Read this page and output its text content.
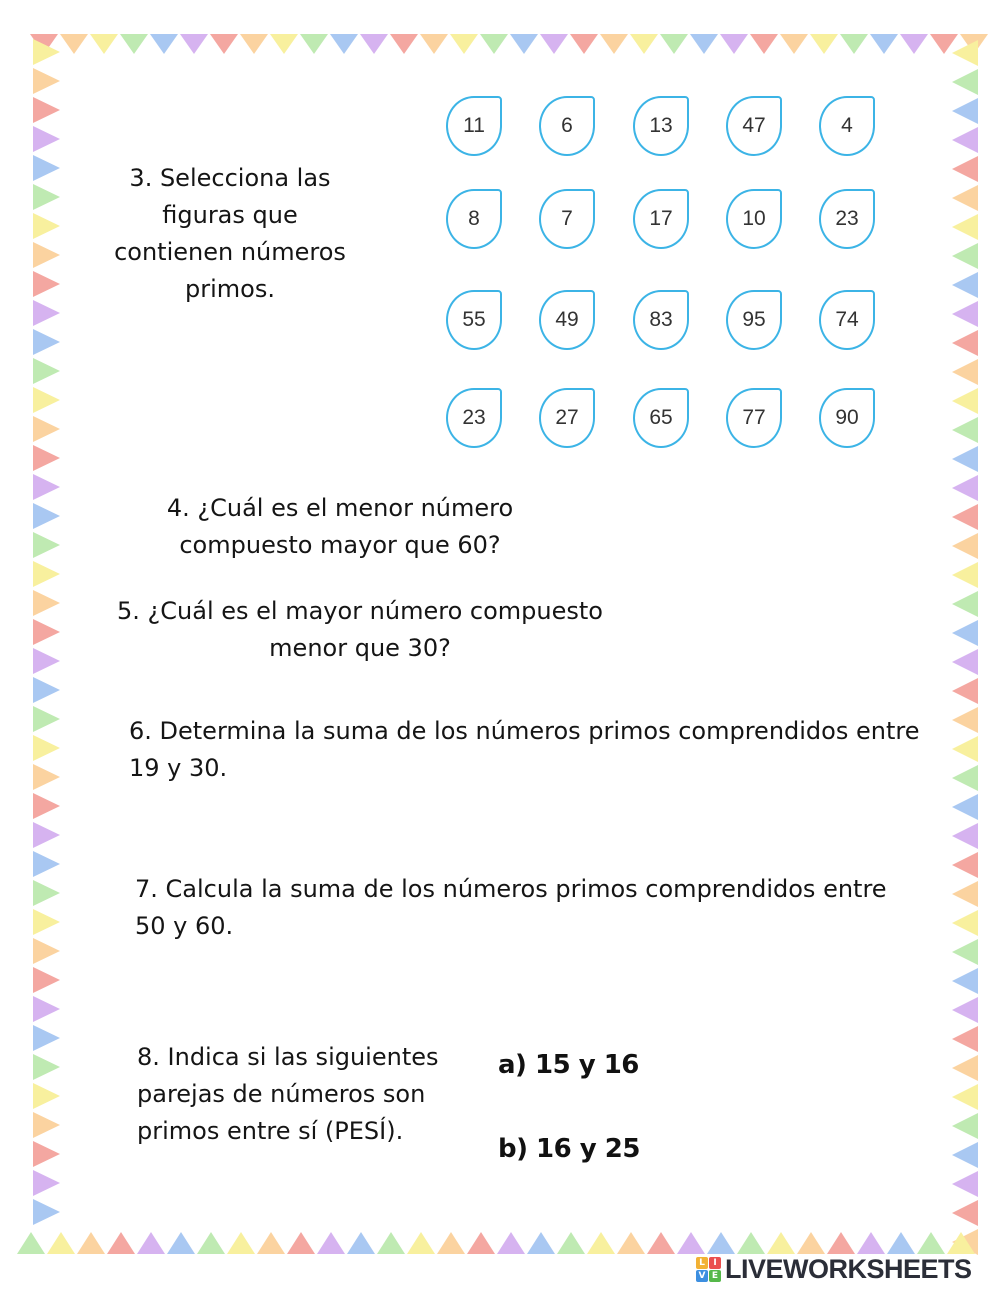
3. Selecciona las
figuras que
contienen números
primos.
11	6	13	47	4
8	7	17	10	23
55	49	83	95	74
23	27	65	77	90
4. ¿Cuál es el menor número
compuesto mayor que 60?
5. ¿Cuál es el mayor número compuesto
menor que 30?
6. Determina la suma de los números primos comprendidos entre
19 y 30.
7. Calcula la suma de los números primos comprendidos entre
50 y 60.
8. Indica si las siguientes
parejas de números son
primos entre sí (PESÍ).
a) 15 y 16
b) 16 y 25
L I
V E LIVEWORKSHEETS
